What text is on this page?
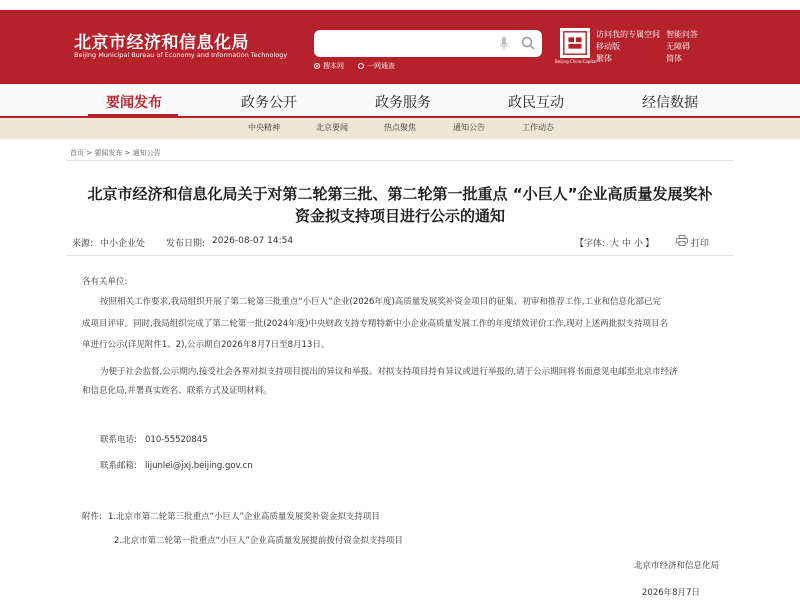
北京市经济和信息化局
Beijing Municipal Bureau of Economy and Information Technology
搜本网	一网通查
Beijing·China·Capital
访问我的专属空间
移动版
繁体
智能问答
无障碍
简体
要闻发布	政务公开	政务服务	政民互动	经信数据
中央精神	北京要闻	热点聚焦	通知公告	工作动态
首页 > 要闻发布 > 通知公告
北京市经济和信息化局关于对第二轮第三批、第二轮第一批重点 “小巨人”企业高质量发展奖补
资金拟支持项目进行公示的通知
来源: 中小企业处 发布日期: 2026-08-07 14:54	【字体: 大 中 小 】	打印
各有关单位:
按照相关工作要求,我局组织开展了第二轮第三批重点“小巨人”企业(2026年度)高质量发展奖补资金项目的征集、初审和推荐工作,工业和信息化部已完
成项目评审。同时,我局组织完成了第二轮第一批(2024年度)中央财政支持专精特新中小企业高质量发展工作的年度绩效评价工作,现对上述两批拟支持项目名
单进行公示(详见附件1、2),公示期自2026年8月7日至8月13日。
为便于社会监督,公示期内,接受社会各界对拟支持项目提出的异议和举报。对拟支持项目持有异议或进行举报的,请于公示期间将书面意见电邮至北京市经济
和信息化局,并署真实姓名、联系方式及证明材料。
联系电话: 010-55520845
联系邮箱: lijunlei@jxj.beijing.gov.cn
附件: 1.北京市第二轮第三批重点“小巨人”企业高质量发展奖补资金拟支持项目
2.北京市第二轮第一批重点“小巨人”企业高质量发展提前拨付资金拟支持项目
北京市经济和信息化局
2026年8月7日
